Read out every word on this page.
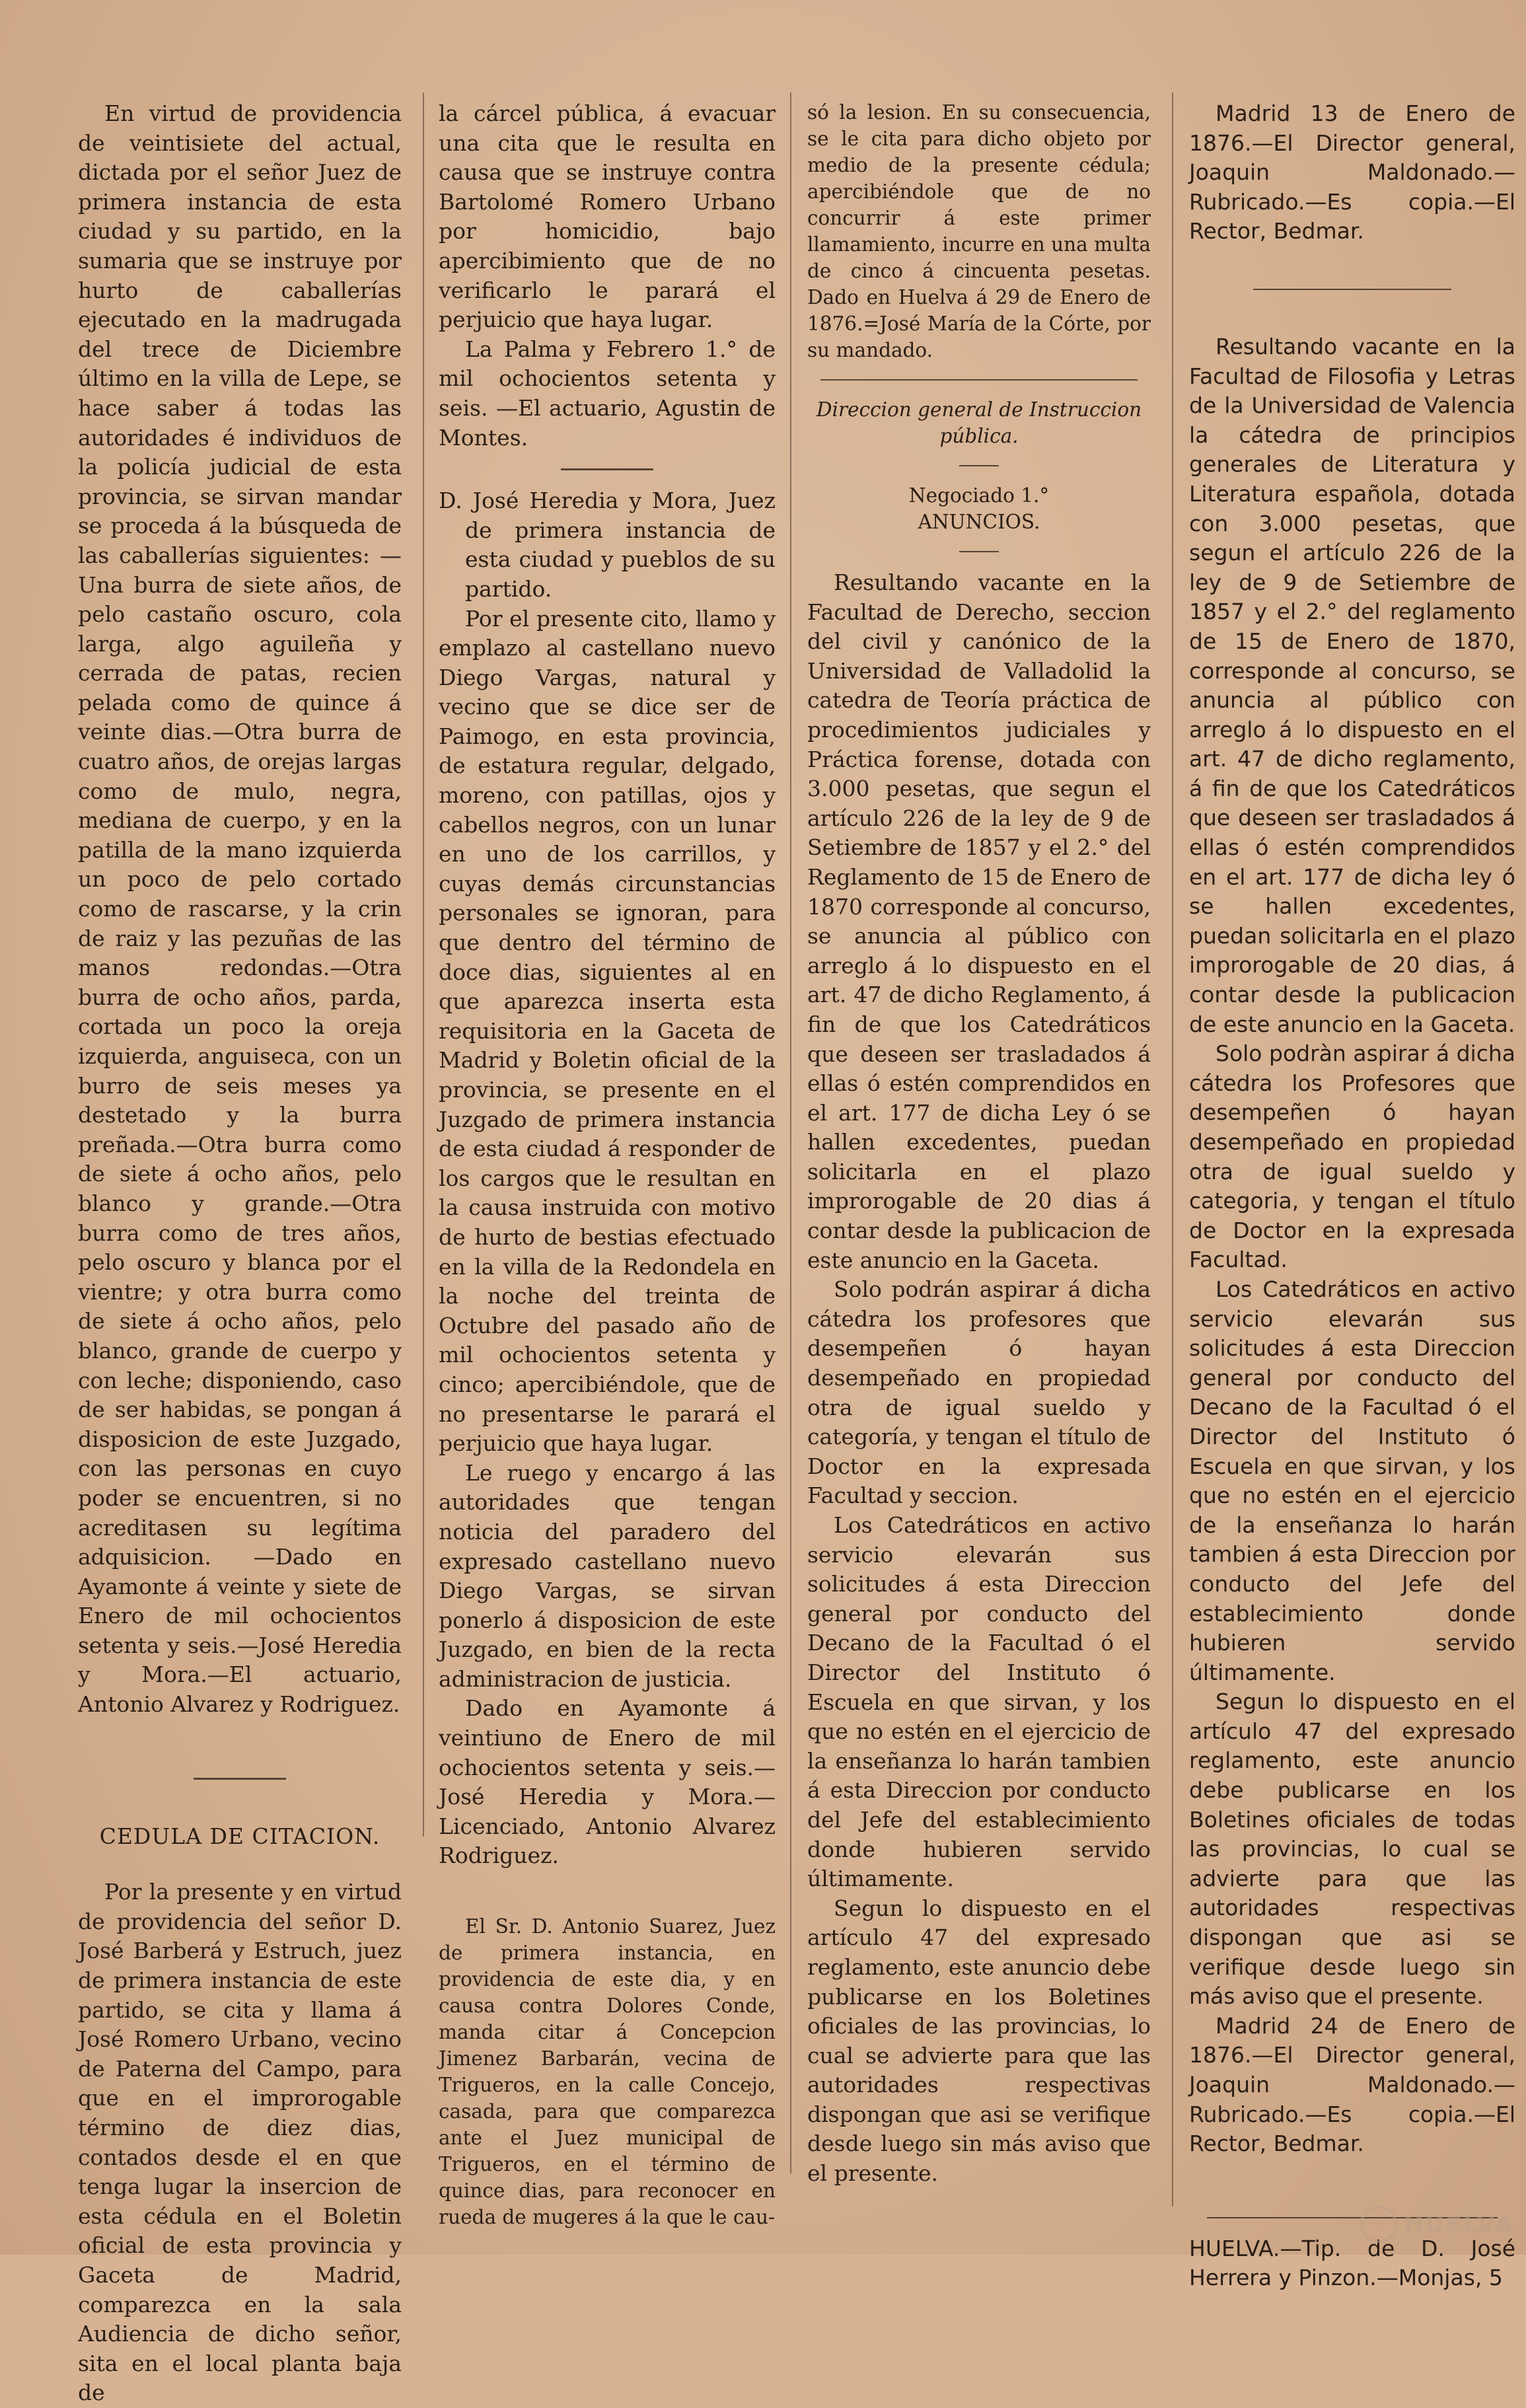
En virtud de providencia de veintisiete del actual, dictada por el señor Juez de primera instancia de esta ciudad y su partido, en la sumaria que se instruye por hurto de caballerías ejecutado en la madrugada del trece de Diciembre último en la villa de Lepe, se hace saber á todas las autoridades é individuos de la policía judicial de esta provincia, se sirvan mandar se proceda á la búsqueda de las caballerías siguientes: —Una burra de siete años, de pelo castaño oscuro, cola larga, algo aguileña y cerrada de patas, recien pelada como de quince á veinte dias.—Otra burra de cuatro años, de orejas largas como de mulo, negra, mediana de cuerpo, y en la patilla de la mano izquierda un poco de pelo cortado como de rascarse, y la crin de raiz y las pezuñas de las manos redondas.—Otra burra de ocho años, parda, cortada un poco la oreja izquierda, anguiseca, con un burro de seis meses ya destetado y la burra preñada.—Otra burra como de siete á ocho años, pelo blanco y grande.—Otra burra como de tres años, pelo oscuro y blanca por el vientre; y otra burra como de siete á ocho años, pelo blanco, grande de cuerpo y con leche; disponiendo, caso de ser habidas, se pongan á disposicion de este Juzgado, con las personas en cuyo poder se encuentren, si no acreditasen su legítima adquisicion. —Dado en Ayamonte á veinte y siete de Enero de mil ochocientos setenta y seis.—José Heredia y Mora.—El actuario, Antonio Alvarez y Rodriguez.

CEDULA DE CITACION.

Por la presente y en virtud de providencia del señor D. José Barberá y Estruch, juez de primera instancia de este partido, se cita y llama á José Romero Urbano, vecino de Paterna del Campo, para que en el improrogable término de diez dias, contados desde el en que tenga lugar la insercion de esta cédula en el Boletin oficial de esta provincia y Gaceta de Madrid, comparezca en la sala Audiencia de dicho señor, sita en el local planta baja de

la cárcel pública, á evacuar una cita que le resulta en causa que se instruye contra Bartolomé Romero Urbano por homicidio, bajo apercibimiento que de no verificarlo le parará el perjuicio que haya lugar.

La Palma y Febrero 1.° de mil ochocientos setenta y seis. —El actuario, Agustin de Montes.

D. José Heredia y Mora, Juez de primera instancia de esta ciudad y pueblos de su partido.

Por el presente cito, llamo y emplazo al castellano nuevo Diego Vargas, natural y vecino que se dice ser de Paimogo, en esta provincia, de estatura regular, delgado, moreno, con patillas, ojos y cabellos negros, con un lunar en uno de los carrillos, y cuyas demás circunstancias personales se ignoran, para que dentro del término de doce dias, siguientes al en que aparezca inserta esta requisitoria en la Gaceta de Madrid y Boletin oficial de la provincia, se presente en el Juzgado de primera instancia de esta ciudad á responder de los cargos que le resultan en la causa instruida con motivo de hurto de bestias efectuado en la villa de la Redondela en la noche del treinta de Octubre del pasado año de mil ochocientos setenta y cinco; apercibiéndole, que de no presentarse le parará el perjuicio que haya lugar.

Le ruego y encargo á las autoridades que tengan noticia del paradero del expresado castellano nuevo Diego Vargas, se sirvan ponerlo á disposicion de este Juzgado, en bien de la recta administracion de justicia.

Dado en Ayamonte á veintiuno de Enero de mil ochocientos setenta y seis.—José Heredia y Mora.—Licenciado, Antonio Alvarez Rodriguez.

El Sr. D. Antonio Suarez, Juez de primera instancia, en providencia de este dia, y en causa contra Dolores Conde, manda citar á Concepcion Jimenez Barbarán, vecina de Trigueros, en la calle Concejo, casada, para que comparezca ante el Juez municipal de Trigueros, en el término de quince dias, para reconocer en rueda de mugeres á la que le cau-

só la lesion. En su consecuencia, se le cita para dicho objeto por medio de la presente cédula; apercibiéndole que de no concurrir á este primer llamamiento, incurre en una multa de cinco á cincuenta pesetas. Dado en Huelva á 29 de Enero de 1876.=José María de la Córte, por su mandado.

Direccion general de Instruccion pública.

Negociado 1.°

ANUNCIOS.

Resultando vacante en la Facultad de Derecho, seccion del civil y canónico de la Universidad de Valladolid la catedra de Teoría práctica de procedimientos judiciales y Práctica forense, dotada con 3.000 pesetas, que segun el artículo 226 de la ley de 9 de Setiembre de 1857 y el 2.° del Reglamento de 15 de Enero de 1870 corresponde al concurso, se anuncia al público con arreglo á lo dispuesto en el art. 47 de dicho Reglamento, á fin de que los Catedráticos que deseen ser trasladados á ellas ó estén comprendidos en el art. 177 de dicha Ley ó se hallen excedentes, puedan solicitarla en el plazo improrogable de 20 dias á contar desde la publicacion de este anuncio en la Gaceta.

Solo podrán aspirar á dicha cátedra los profesores que desempeñen ó hayan desempeñado en propiedad otra de igual sueldo y categoría, y tengan el título de Doctor en la expresada Facultad y seccion.

Los Catedráticos en activo servicio elevarán sus solicitudes á esta Direccion general por conducto del Decano de la Facultad ó el Director del Instituto ó Escuela en que sirvan, y los que no estén en el ejercicio de la enseñanza lo harán tambien á esta Direccion por conducto del Jefe del establecimiento donde hubieren servido últimamente.

Segun lo dispuesto en el artículo 47 del expresado reglamento, este anuncio debe publicarse en los Boletines oficiales de las provincias, lo cual se advierte para que las autoridades respectivas dispongan que asi se verifique desde luego sin más aviso que el presente.

Madrid 13 de Enero de 1876.—El Director general, Joaquin Maldonado.—Rubricado.—Es copia.—El Rector, Bedmar.

Resultando vacante en la Facultad de Filosofia y Letras de la Universidad de Valencia la cátedra de principios generales de Literatura y Literatura española, dotada con 3.000 pesetas, que segun el artículo 226 de la ley de 9 de Setiembre de 1857 y el 2.° del reglamento de 15 de Enero de 1870, corresponde al concurso, se anuncia al público con arreglo á lo dispuesto en el art. 47 de dicho reglamento, á fin de que los Catedráticos que deseen ser trasladados á ellas ó estén comprendidos en el art. 177 de dicha ley ó se hallen excedentes, puedan solicitarla en el plazo improrogable de 20 dias, á contar desde la publicacion de este anuncio en la Gaceta.

Solo podràn aspirar á dicha cátedra los Profesores que desempeñen ó hayan desempeñado en propiedad otra de igual sueldo y categoria, y tengan el título de Doctor en la expresada Facultad.

Los Catedráticos en activo servicio elevarán sus solicitudes á esta Direccion general por conducto del Decano de la Facultad ó el Director del Instituto ó Escuela en que sirvan, y los que no estén en el ejercicio de la enseñanza lo harán tambien á esta Direccion por conducto del Jefe del establecimiento donde hubieren servido últimamente.

Segun lo dispuesto en el artículo 47 del expresado reglamento, este anuncio debe publicarse en los Boletines oficiales de todas las provincias, lo cual se advierte para que las autoridades respectivas dispongan que asi se verifique desde luego sin más aviso que el presente.

Madrid 24 de Enero de 1876.—El Director general, Joaquin Maldonado.—Rubricado.—Es copia.—El Rector, Bedmar.

HUELVA.—Tip. de D. José Herrera y Pinzon.—Monjas, 5

⚜ HUELVA
